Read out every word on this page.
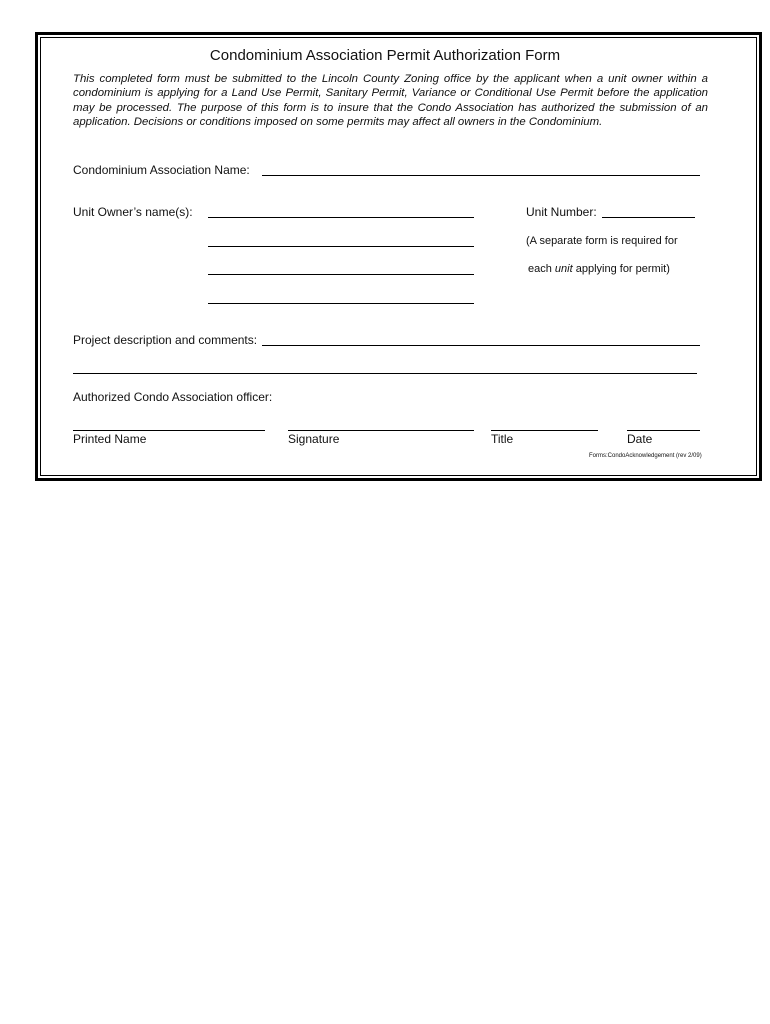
Condominium Association Permit Authorization Form
This completed form must be submitted to the Lincoln County Zoning office by the applicant when a unit owner within a condominium is applying for a Land Use Permit, Sanitary Permit, Variance or Conditional Use Permit before the application may be processed. The purpose of this form is to insure that the Condo Association has authorized the submission of an application. Decisions or conditions imposed on some permits may affect all owners in the Condominium.
Condominium Association Name:
Unit Owner’s name(s):	Unit Number:
(A separate form is required for
each unit applying for permit)
Project description and comments:
Authorized Condo Association officer:
Printed Name	Signature	Title	Date
Forms:CondoAcknowledgement (rev 2/09)
